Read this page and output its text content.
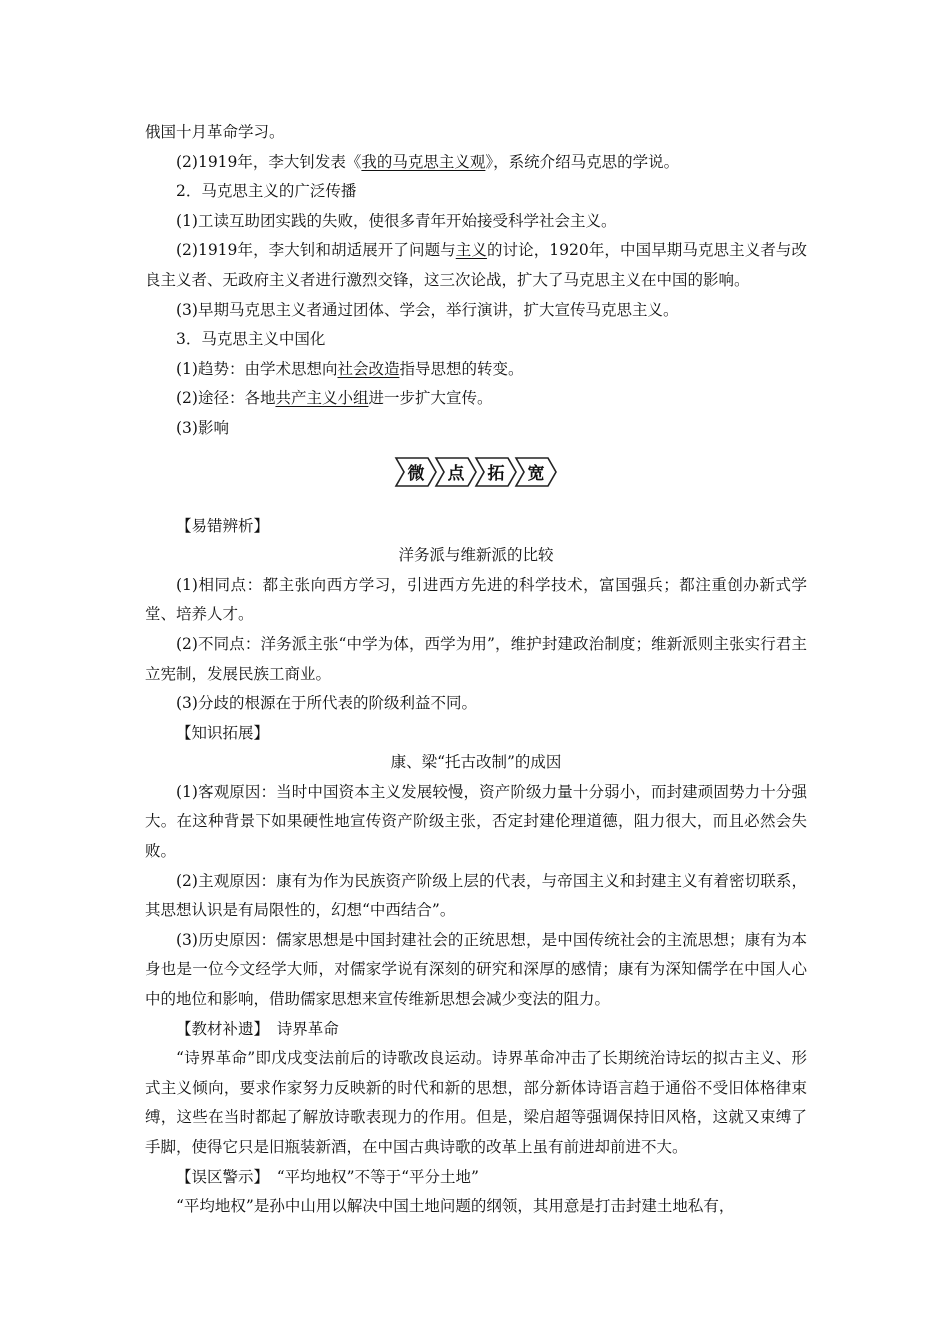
俄国十月革命学习。

(2)1919年，李大钊发表《我的马克思主义观》，系统介绍马克思的学说。

2．马克思主义的广泛传播

(1)工读互助团实践的失败，使很多青年开始接受科学社会主义。

(2)1919年，李大钊和胡适展开了问题与主义的讨论，1920年，中国早期马克思主义者与改良主义者、无政府主义者进行激烈交锋，这三次论战，扩大了马克思主义在中国的影响。

(3)早期马克思主义者通过团体、学会，举行演讲，扩大宣传马克思主义。

3．马克思主义中国化

(1)趋势：由学术思想向社会改造指导思想的转变。

(2)途径：各地共产主义小组进一步扩大宣传。

(3)影响

微 点 拓 宽

【易错辨析】

洋务派与维新派的比较

(1)相同点：都主张向西方学习，引进西方先进的科学技术，富国强兵；都注重创办新式学堂、培养人才。

(2)不同点：洋务派主张“中学为体，西学为用”，维护封建政治制度；维新派则主张实行君主立宪制，发展民族工商业。

(3)分歧的根源在于所代表的阶级利益不同。

【知识拓展】

康、梁“托古改制”的成因

(1)客观原因：当时中国资本主义发展较慢，资产阶级力量十分弱小，而封建顽固势力十分强大。在这种背景下如果硬性地宣传资产阶级主张，否定封建伦理道德，阻力很大，而且必然会失败。

(2)主观原因：康有为作为民族资产阶级上层的代表，与帝国主义和封建主义有着密切联系，其思想认识是有局限性的，幻想“中西结合”。

(3)历史原因：儒家思想是中国封建社会的正统思想，是中国传统社会的主流思想；康有为本身也是一位今文经学大师，对儒家学说有深刻的研究和深厚的感情；康有为深知儒学在中国人心中的地位和影响，借助儒家思想来宣传维新思想会减少变法的阻力。

【教材补遗】　诗界革命

“诗界革命”即戊戌变法前后的诗歌改良运动。诗界革命冲击了长期统治诗坛的拟古主义、形式主义倾向，要求作家努力反映新的时代和新的思想，部分新体诗语言趋于通俗不受旧体格律束缚，这些在当时都起了解放诗歌表现力的作用。但是，梁启超等强调保持旧风格，这就又束缚了手脚，使得它只是旧瓶装新酒，在中国古典诗歌的改革上虽有前进却前进不大。

【误区警示】　“平均地权”不等于“平分土地”

“平均地权”是孙中山用以解决中国土地问题的纲领，其用意是打击封建土地私有，
